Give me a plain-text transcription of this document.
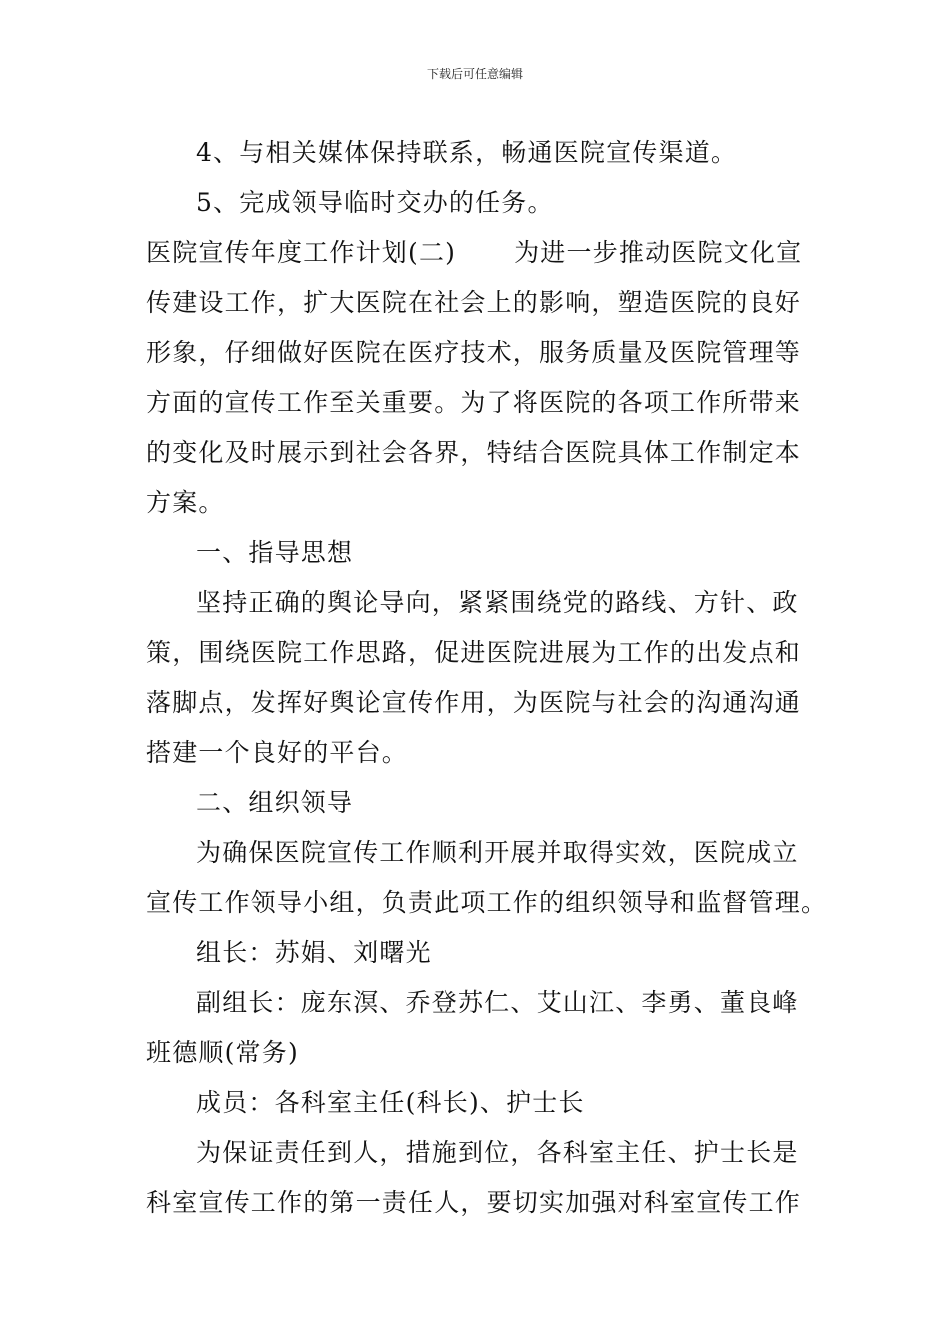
下载后可任意编辑
4、与相关媒体保持联系，畅通医院宣传渠道。
5、完成领导临时交办的任务。
医院宣传年度工作计划(二) 为进一步推动医院文化宣
传建设工作，扩大医院在社会上的影响，塑造医院的良好
形象，仔细做好医院在医疗技术，服务质量及医院管理等
方面的宣传工作至关重要。为了将医院的各项工作所带来
的变化及时展示到社会各界，特结合医院具体工作制定本
方案。
一、指导思想
坚持正确的舆论导向，紧紧围绕党的路线、方针、政
策，围绕医院工作思路，促进医院进展为工作的出发点和
落脚点，发挥好舆论宣传作用，为医院与社会的沟通沟通
搭建一个良好的平台。
二、组织领导
为确保医院宣传工作顺利开展并取得实效，医院成立
宣传工作领导小组，负责此项工作的组织领导和监督管理。
组长：苏娟、刘曙光
副组长：庞东溟、乔登苏仁、艾山江、李勇、董良峰
班德顺(常务)
成员：各科室主任(科长)、护士长
为保证责任到人，措施到位，各科室主任、护士长是
科室宣传工作的第一责任人，要切实加强对科室宣传工作
